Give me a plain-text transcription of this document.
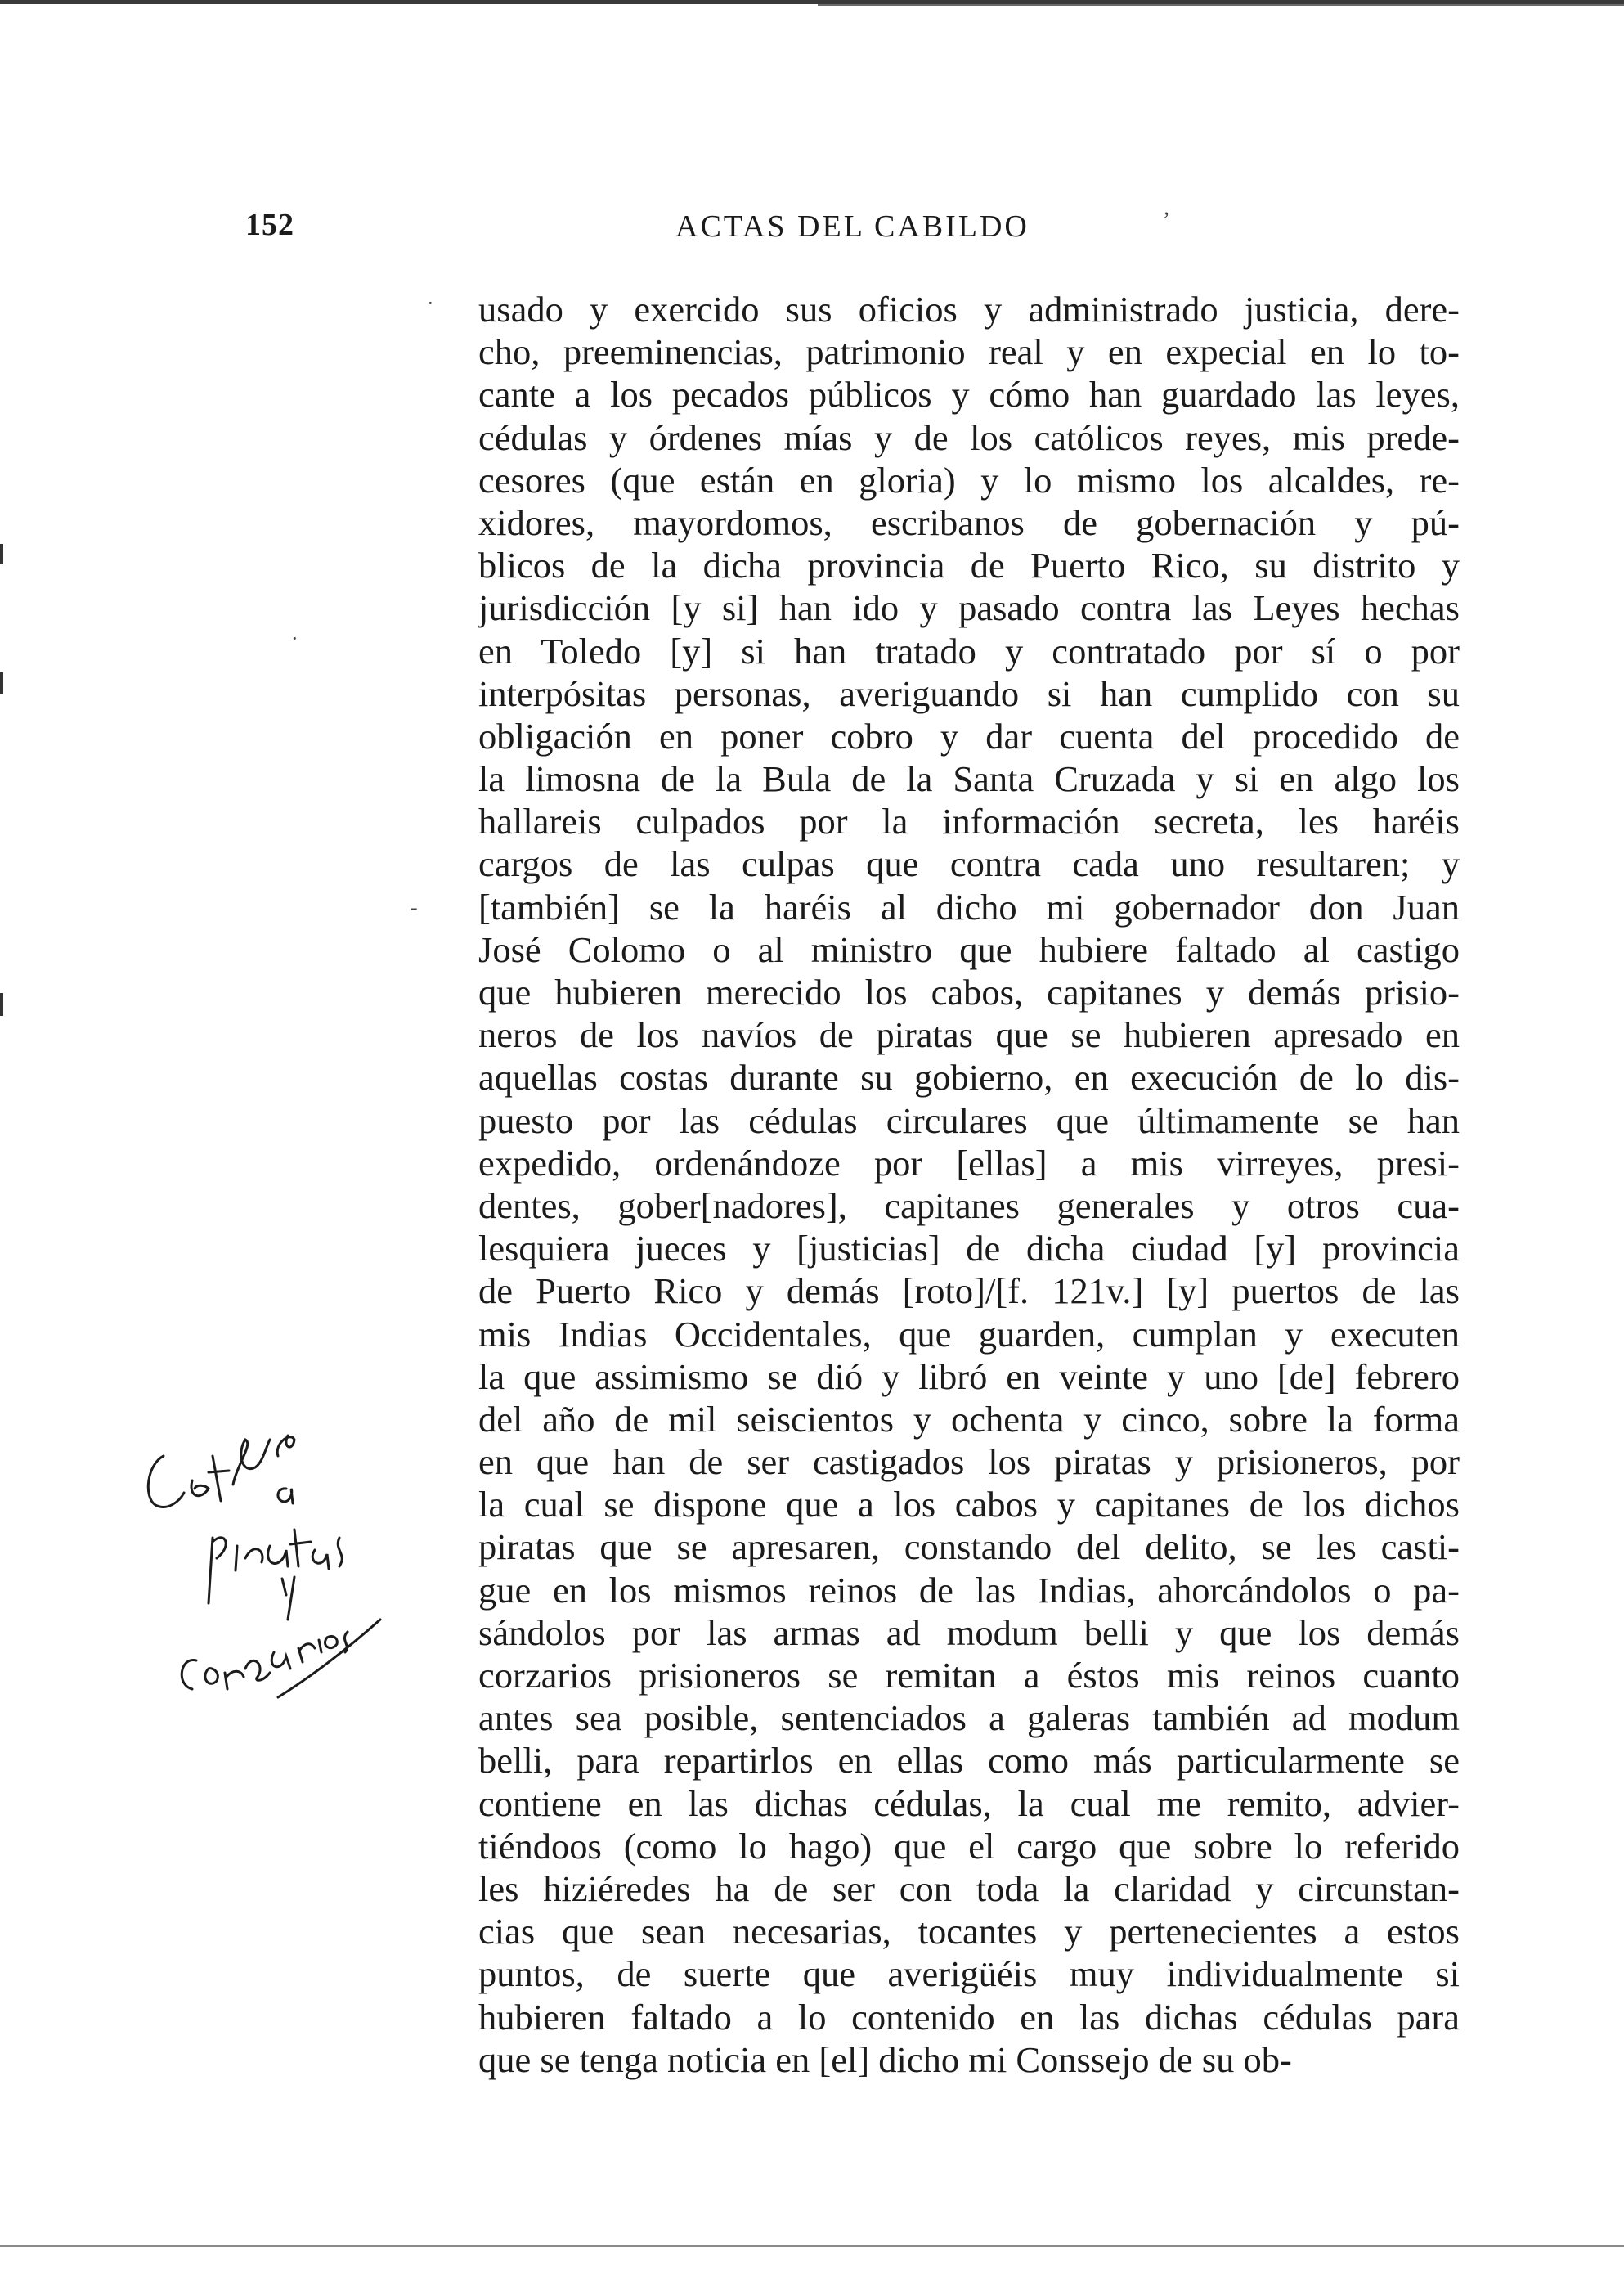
152	ACTAS DEL CABILDO	ʼ
·
-
·
usado y exercido sus oficios y administrado justicia, dere-
cho, preeminencias, patrimonio real y en expecial en lo to-
cante a los pecados públicos y cómo han guardado las leyes,
cédulas y órdenes mías y de los católicos reyes, mis prede-
cesores (que están en gloria) y lo mismo los alcaldes, re-
xidores, mayordomos, escribanos de gobernación y pú-
blicos de la dicha provincia de Puerto Rico, su distrito y
jurisdicción [y si] han ido y pasado contra las Leyes hechas
en Toledo [y] si han tratado y contratado por sí o por
interpósitas personas, averiguando si han cumplido con su
obligación en poner cobro y dar cuenta del procedido de
la limosna de la Bula de la Santa Cruzada y si en algo los
hallareis culpados por la información secreta, les haréis
cargos de las culpas que contra cada uno resultaren; y
[también] se la haréis al dicho mi gobernador don Juan
José Colomo o al ministro que hubiere faltado al castigo
que hubieren merecido los cabos, capitanes y demás prisio-
neros de los navíos de piratas que se hubieren apresado en
aquellas costas durante su gobierno, en execución de lo dis-
puesto por las cédulas circulares que últimamente se han
expedido, ordenándoze por [ellas] a mis virreyes, presi-
dentes, gober[nadores], capitanes generales y otros cua-
lesquiera jueces y [justicias] de dicha ciudad [y] provincia
de Puerto Rico y demás [roto]/[f. 121v.] [y] puertos de las
mis Indias Occidentales, que guarden, cumplan y executen
la que assimismo se dió y libró en veinte y uno [de] febrero
del año de mil seiscientos y ochenta y cinco, sobre la forma
en que han de ser castigados los piratas y prisioneros, por
la cual se dispone que a los cabos y capitanes de los dichos
piratas que se apresaren, constando del delito, se les casti-
gue en los mismos reinos de las Indias, ahorcándolos o pa-
sándolos por las armas ad modum belli y que los demás
corzarios prisioneros se remitan a éstos mis reinos cuanto
antes sea posible, sentenciados a galeras también ad modum
belli, para repartirlos en ellas como más particularmente se
contiene en las dichas cédulas, la cual me remito, advier-
tiéndoos (como lo hago) que el cargo que sobre lo referido
les hiziéredes ha de ser con toda la claridad y circunstan-
cias que sean necesarias, tocantes y pertenecientes a estos
puntos, de suerte que averigüéis muy individualmente si
hubieren faltado a lo contenido en las dichas cédulas para
que se tenga noticia en [el] dicho mi Conssejo de su ob-
